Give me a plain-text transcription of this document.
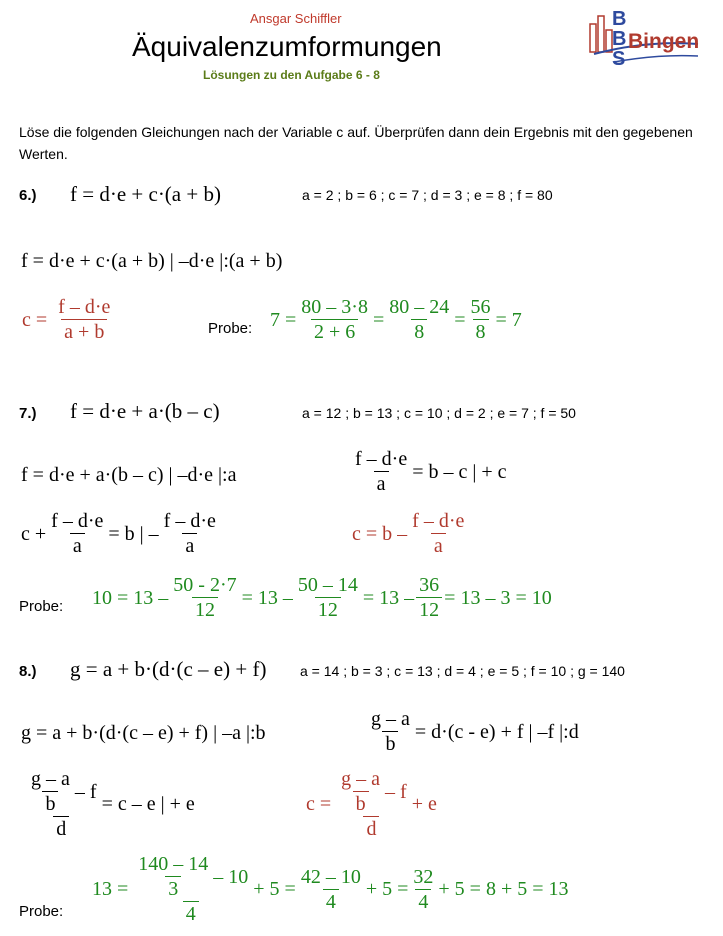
Ansgar Schiffler
Äquivalenzumformungen
Lösungen zu den Aufgabe 6 - 8
B
B
S
Bingen
Löse die folgenden Gleichungen nach der Variable c auf. Überprüfen dann dein Ergebnis mit den gegebenen Werten.
6.) f = d·e + c·(a + b)	a = 2 ; b = 6 ; c = 7 ; d = 3 ; e = 8 ; f = 80
f = d·e + c·(a + b) | –d·e |:(a + b)
$c = \frac{f - d\cdot e}{a + b}$	Probe: $7 = \frac{80 - 3\cdot 8}{2 + 6} = \frac{80 - 24}{8} = \frac{56}{8} = 7$
7.) f = d·e + a·(b – c)	a = 12 ; b = 13 ; c = 10 ; d = 2 ; e = 7 ; f = 50
f = d·e + a·(b – c) | –d·e |:a	$\frac{f - d\cdot e}{a} = b - c$ | + c
$c + \frac{f - d\cdot e}{a} = b$ | – $\frac{f - d\cdot e}{a}$	$c = b - \frac{f - d\cdot e}{a}$
Probe: $10 = 13 - \frac{50 - 2\cdot 7}{12} = 13 - \frac{50 - 14}{12} = 13 - \frac{36}{12} = 13 - 3 = 10$
8.) g = a + b·(d·(c – e) + f) a = 14 ; b = 3 ; c = 13 ; d = 4 ; e = 5 ; f = 10 ; g = 140
g = a + b·(d·(c – e) + f) | –a |:b	$\frac{g - a}{b} = d\cdot(c - e) + f$ | –f |:d
$\frac{\frac{g - a}{b} - f}{d} = c - e$ | + e	$c = \frac{\frac{g - a}{b} - f}{d} + e$
Probe:
$13 = \frac{\frac{140 - 14}{3} - 10}{4} + 5 = \frac{42 - 10}{4} + 5 = \frac{32}{4} + 5 = 8 + 5 = 13$
